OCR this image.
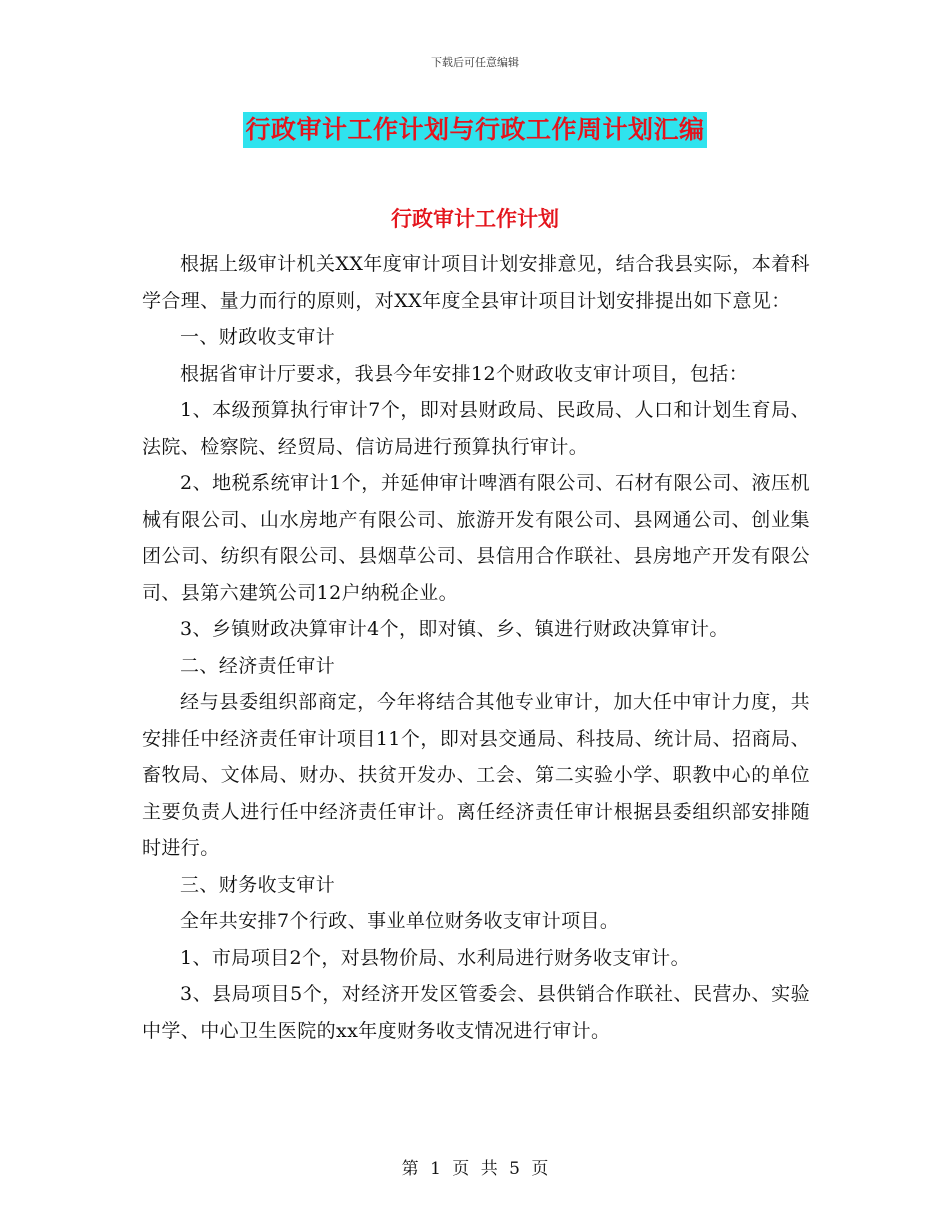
下载后可任意编辑
行政审计工作计划与行政工作周计划汇编
行政审计工作计划

根据上级审计机关XX年度审计项目计划安排意见，结合我县实际，本着科学合理、量力而行的原则，对XX年度全县审计项目计划安排提出如下意见：

一、财政收支审计

根据省审计厅要求，我县今年安排12个财政收支审计项目，包括：

1、本级预算执行审计7个，即对县财政局、民政局、人口和计划生育局、法院、检察院、经贸局、信访局进行预算执行审计。

2、地税系统审计1个，并延伸审计啤酒有限公司、石材有限公司、液压机械有限公司、山水房地产有限公司、旅游开发有限公司、县网通公司、创业集团公司、纺织有限公司、县烟草公司、县信用合作联社、县房地产开发有限公司、县第六建筑公司12户纳税企业。

3、乡镇财政决算审计4个，即对镇、乡、镇进行财政决算审计。

二、经济责任审计

经与县委组织部商定，今年将结合其他专业审计，加大任中审计力度，共安排任中经济责任审计项目11个，即对县交通局、科技局、统计局、招商局、畜牧局、文体局、财办、扶贫开发办、工会、第二实验小学、职教中心的单位主要负责人进行任中经济责任审计。离任经济责任审计根据县委组织部安排随时进行。

三、财务收支审计

全年共安排7个行政、事业单位财务收支审计项目。

1、市局项目2个，对县物价局、水利局进行财务收支审计。

3、县局项目5个，对经济开发区管委会、县供销合作联社、民营办、实验中学、中心卫生医院的xx年度财务收支情况进行审计。

第 1 页 共 5 页
